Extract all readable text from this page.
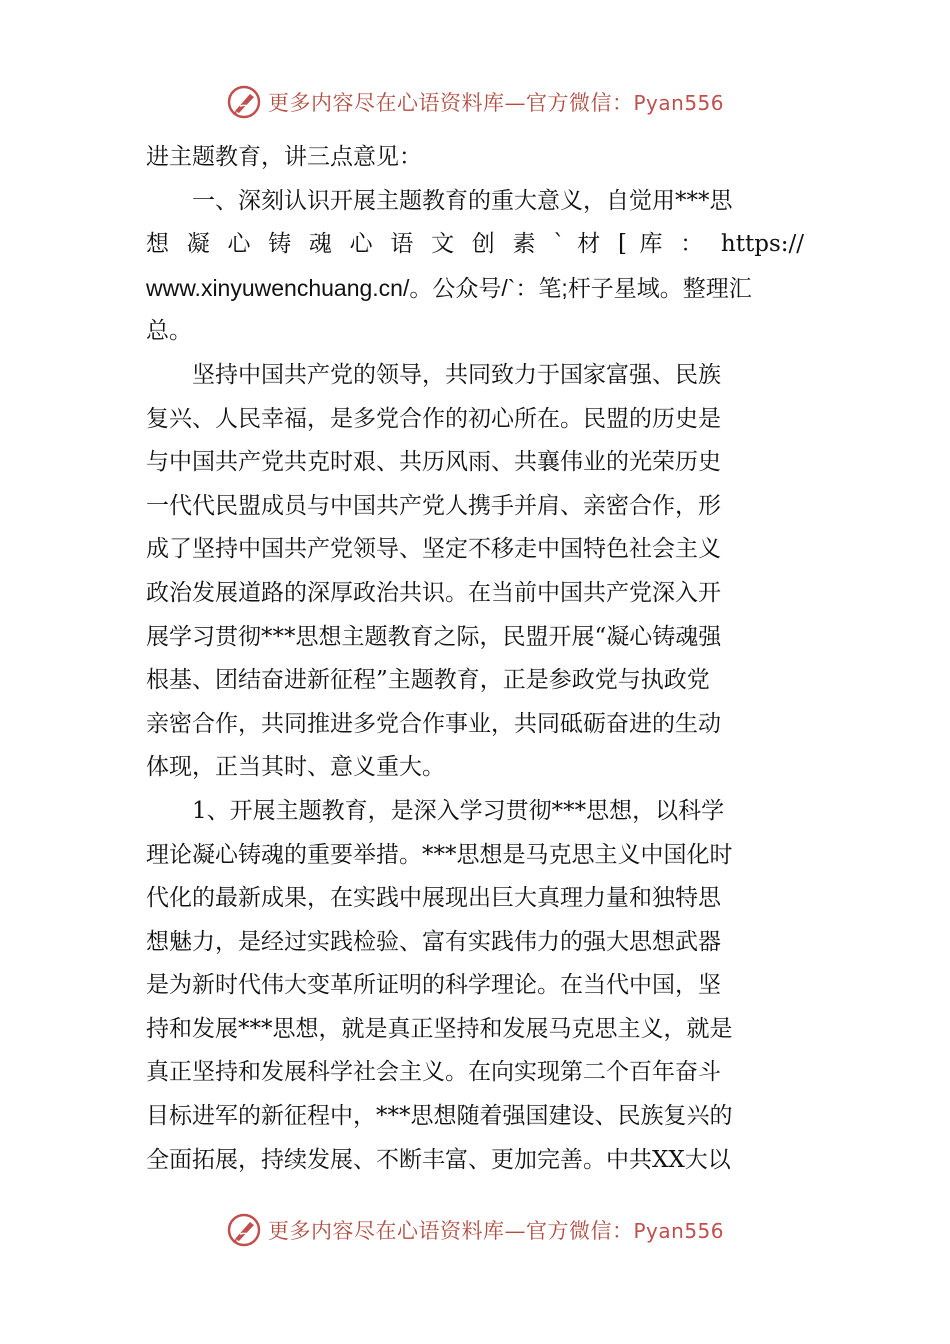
更多内容尽在心语资料库—官方微信：Pyan556
进主题教育，讲三点意见：
一、深刻认识开展主题教育的重大意义，自觉用***思
想 凝 心 铸 魂 心 语 文 创 素 ` 材 [ 库 ： https://
www.xinyuwenchuang.cn/。公众号/`：笔;杆子星域。整理汇
总。
坚持中国共产党的领导，共同致力于国家富强、民族
复兴、人民幸福，是多党合作的初心所在。民盟的历史是
与中国共产党共克时艰、共历风雨、共襄伟业的光荣历史
一代代民盟成员与中国共产党人携手并肩、亲密合作，形
成了坚持中国共产党领导、坚定不移走中国特色社会主义
政治发展道路的深厚政治共识。在当前中国共产党深入开
展学习贯彻***思想主题教育之际，民盟开展“凝心铸魂强
根基、团结奋进新征程”主题教育，正是参政党与执政党
亲密合作，共同推进多党合作事业，共同砥砺奋进的生动
体现，正当其时、意义重大。
1、开展主题教育，是深入学习贯彻***思想，以科学
理论凝心铸魂的重要举措。***思想是马克思主义中国化时
代化的最新成果，在实践中展现出巨大真理力量和独特思
想魅力，是经过实践检验、富有实践伟力的强大思想武器
是为新时代伟大变革所证明的科学理论。在当代中国，坚
持和发展***思想，就是真正坚持和发展马克思主义，就是
真正坚持和发展科学社会主义。在向实现第二个百年奋斗
目标进军的新征程中，***思想随着强国建设、民族复兴的
全面拓展，持续发展、不断丰富、更加完善。中共XX大以
更多内容尽在心语资料库—官方微信：Pyan556
